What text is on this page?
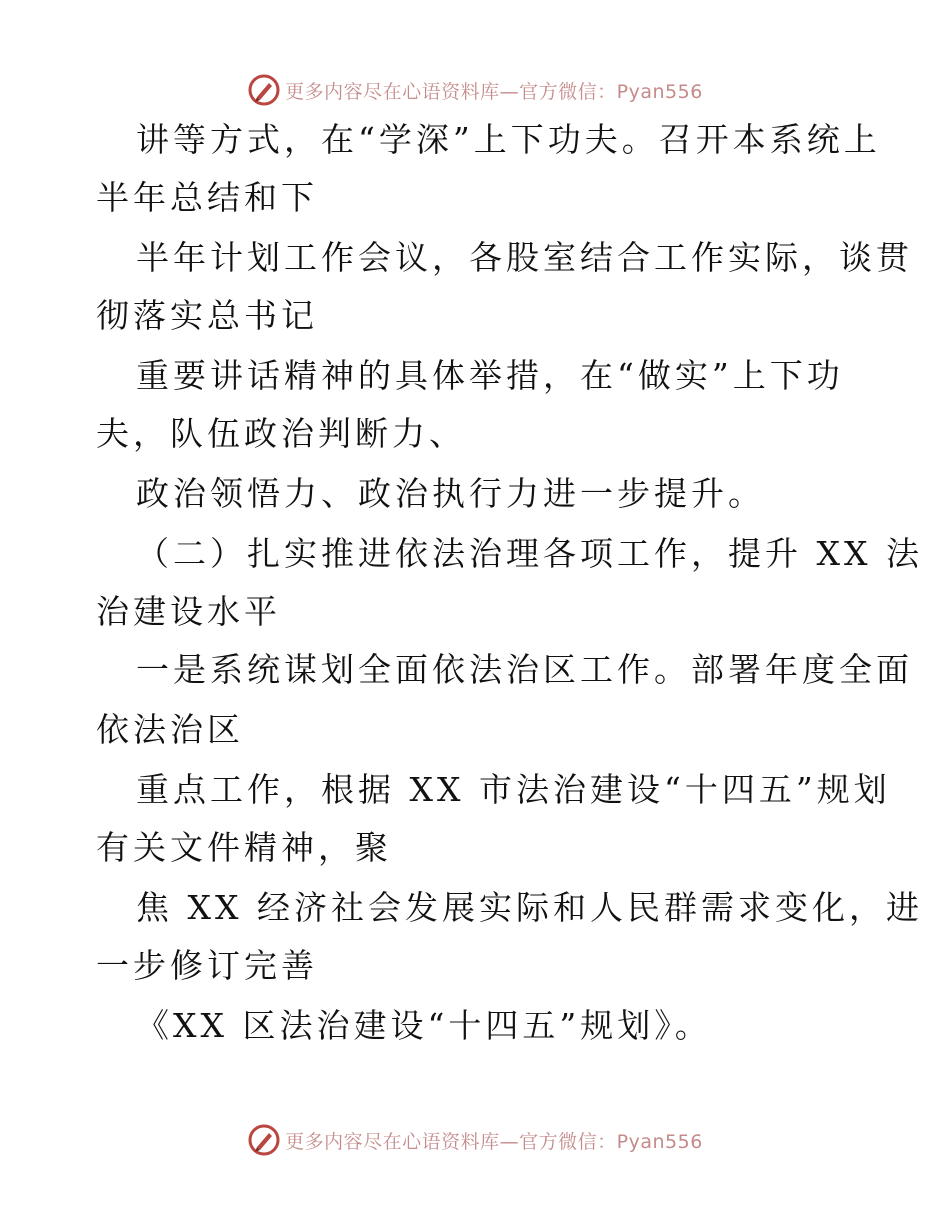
更多内容尽在心语资料库—官方微信：Pyan556
讲等方式，在“学深”上下功夫。召开本系统上
半年总结和下
半年计划工作会议，各股室结合工作实际，谈贯
彻落实总书记
重要讲话精神的具体举措，在“做实”上下功
夫，队伍政治判断力、
政治领悟力、政治执行力进一步提升。
（二）扎实推进依法治理各项工作，提升 XX 法
治建设水平
一是系统谋划全面依法治区工作。部署年度全面
依法治区
重点工作，根据 XX 市法治建设“十四五”规划
有关文件精神，聚
焦 XX 经济社会发展实际和人民群需求变化，进
一步修订完善
《XX 区法治建设“十四五”规划》。
更多内容尽在心语资料库—官方微信：Pyan556
